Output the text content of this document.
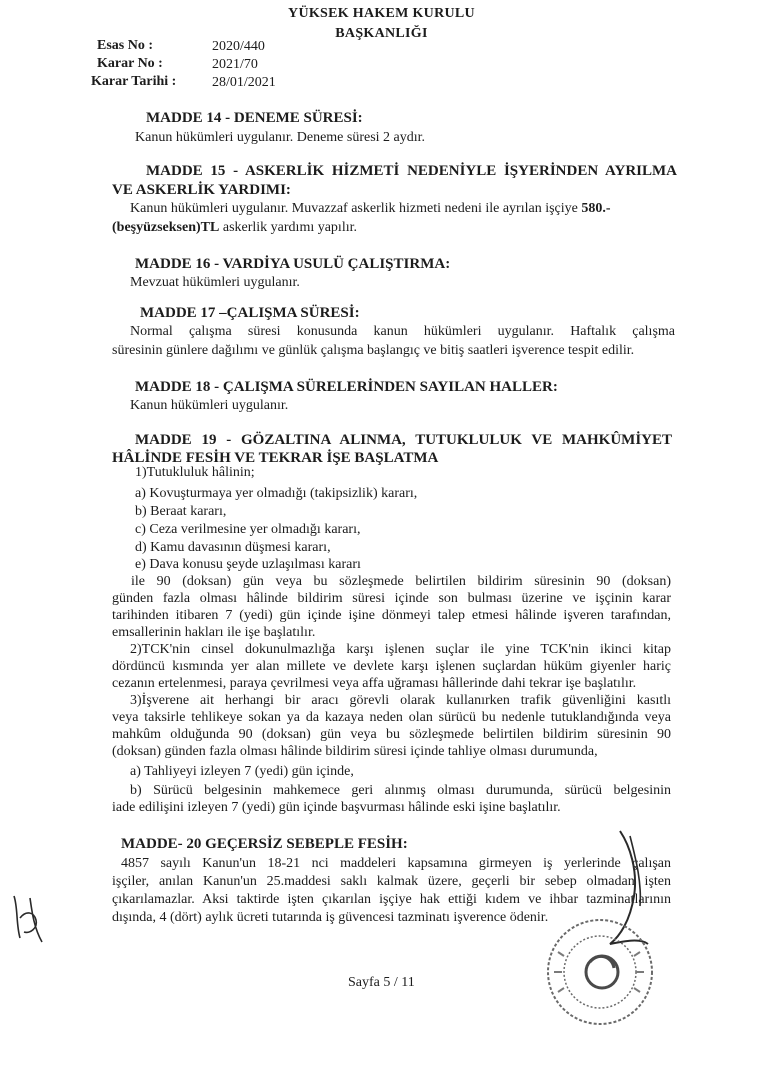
YÜKSEK HAKEM KURULU
BAŞKANLIĞI
Esas No :	2020/440
Karar No :	2021/70
Karar Tarihi :	28/01/2021
MADDE 14 - DENEME SÜRESİ:
Kanun hükümleri uygulanır. Deneme süresi 2 aydır.
MADDE 15 - ASKERLİK HİZMETİ NEDENİYLE İŞYERİNDEN AYRILMA
VE ASKERLİK YARDIMI:
Kanun hükümleri uygulanır. Muvazzaf askerlik hizmeti nedeni ile ayrılan işçiye 580.-
(beşyüzseksen)TL askerlik yardımı yapılır.
MADDE 16 - VARDİYA USULÜ ÇALIŞTIRMA:
Mevzuat hükümleri uygulanır.
MADDE 17 –ÇALIŞMA SÜRESİ:
Normal çalışma süresi konusunda kanun hükümleri uygulanır. Haftalık çalışma
süresinin günlere dağılımı ve günlük çalışma başlangıç ve bitiş saatleri işverence tespit edilir.
MADDE 18 - ÇALIŞMA SÜRELERİNDEN SAYILAN HALLER:
Kanun hükümleri uygulanır.
MADDE 19 - GÖZALTINA ALINMA, TUTUKLULUK VE MAHKÛMİYET
HÂLİNDE FESİH VE TEKRAR İŞE BAŞLATMA
1)Tutukluluk hâlinin;
a) Kovuşturmaya yer olmadığı (takipsizlik) kararı,
b) Beraat kararı,
c) Ceza verilmesine yer olmadığı kararı,
d) Kamu davasının düşmesi kararı,
e) Dava konusu şeyde uzlaşılması kararı
ile 90 (doksan) gün veya bu sözleşmede belirtilen bildirim süresinin 90 (doksan)
günden fazla olması hâlinde bildirim süresi içinde son bulması üzerine ve işçinin karar
tarihinden itibaren 7 (yedi) gün içinde işine dönmeyi talep etmesi hâlinde işveren tarafından,
emsallerinin hakları ile işe başlatılır.
2)TCK'nin cinsel dokunulmazlığa karşı işlenen suçlar ile yine TCK'nin ikinci kitap
dördüncü kısmında yer alan millete ve devlete karşı işlenen suçlardan hüküm giyenler hariç
cezanın ertelenmesi, paraya çevrilmesi veya affa uğraması hâllerinde dahi tekrar işe başlatılır.
3)İşverene ait herhangi bir aracı görevli olarak kullanırken trafik güvenliğini kasıtlı
veya taksirle tehlikeye sokan ya da kazaya neden olan sürücü bu nedenle tutuklandığında veya
mahkûm olduğunda 90 (doksan) gün veya bu sözleşmede belirtilen bildirim süresinin 90
(doksan) günden fazla olması hâlinde bildirim süresi içinde tahliye olması durumunda,
a) Tahliyeyi izleyen 7 (yedi) gün içinde,
b) Sürücü belgesinin mahkemece geri alınmış olması durumunda, sürücü belgesinin
iade edilişini izleyen 7 (yedi) gün içinde başvurması hâlinde eski işine başlatılır.
MADDE- 20 GEÇERSİZ SEBEPLE FESİH:
4857 sayılı Kanun'un 18-21 nci maddeleri kapsamına girmeyen iş yerlerinde çalışan
işçiler, anılan Kanun'un 25.maddesi saklı kalmak üzere, geçerli bir sebep olmadan işten
çıkarılamazlar. Aksi taktirde işten çıkarılan işçiye hak ettiği kıdem ve ihbar tazminatlarının
dışında, 4 (dört) aylık ücreti tutarında iş güvencesi tazminatı işverence ödenir.
Sayfa 5 / 11
